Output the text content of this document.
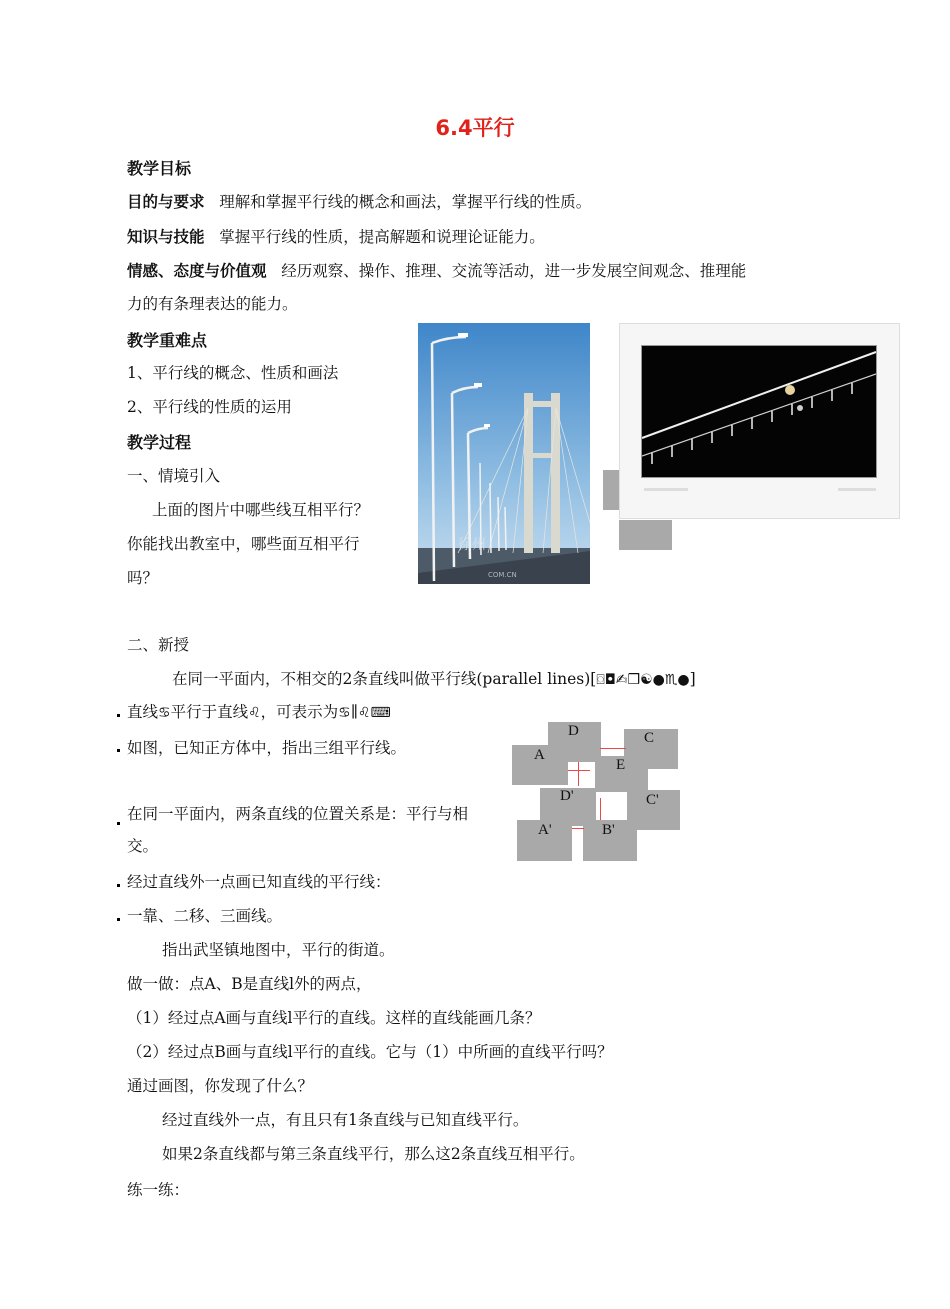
6.4平行
教学目标
目的与要求 理解和掌握平行线的概念和画法，掌握平行线的性质。
知识与技能 掌握平行线的性质，提高解题和说理论证能力。
情感、态度与价值观 经历观察、操作、推理、交流等活动，进一步发展空间观念、推理能
力的有条理表达的能力。
教学重难点
1、平行线的概念、性质和画法
2、平行线的性质的运用
教学过程
一、情境引入
上面的图片中哪些线互相平行？
你能找出教室中，哪些面互相平行
吗？
徐州
COM.CN
二、新授
在同一平面内，不相交的2条直线叫做平行线(parallel lines)[⌼◘✍❒☯●♏●]
直线♋平行于直线♌，可表示为♋∥♌⌨
如图，已知正方体中，指出三组平行线。
在同一平面内，两条直线的位置关系是：平行与相
交。
D	C
A
E
D'	C'
A'	B'
经过直线外一点画已知直线的平行线：
一靠、二移、三画线。
指出武坚镇地图中，平行的街道。
做一做：点A、B是直线l外的两点，
（1）经过点A画与直线l平行的直线。这样的直线能画几条？
（2）经过点B画与直线l平行的直线。它与（1）中所画的直线平行吗？
通过画图，你发现了什么？
经过直线外一点，有且只有1条直线与已知直线平行。
如果2条直线都与第三条直线平行，那么这2条直线互相平行。
练一练：
